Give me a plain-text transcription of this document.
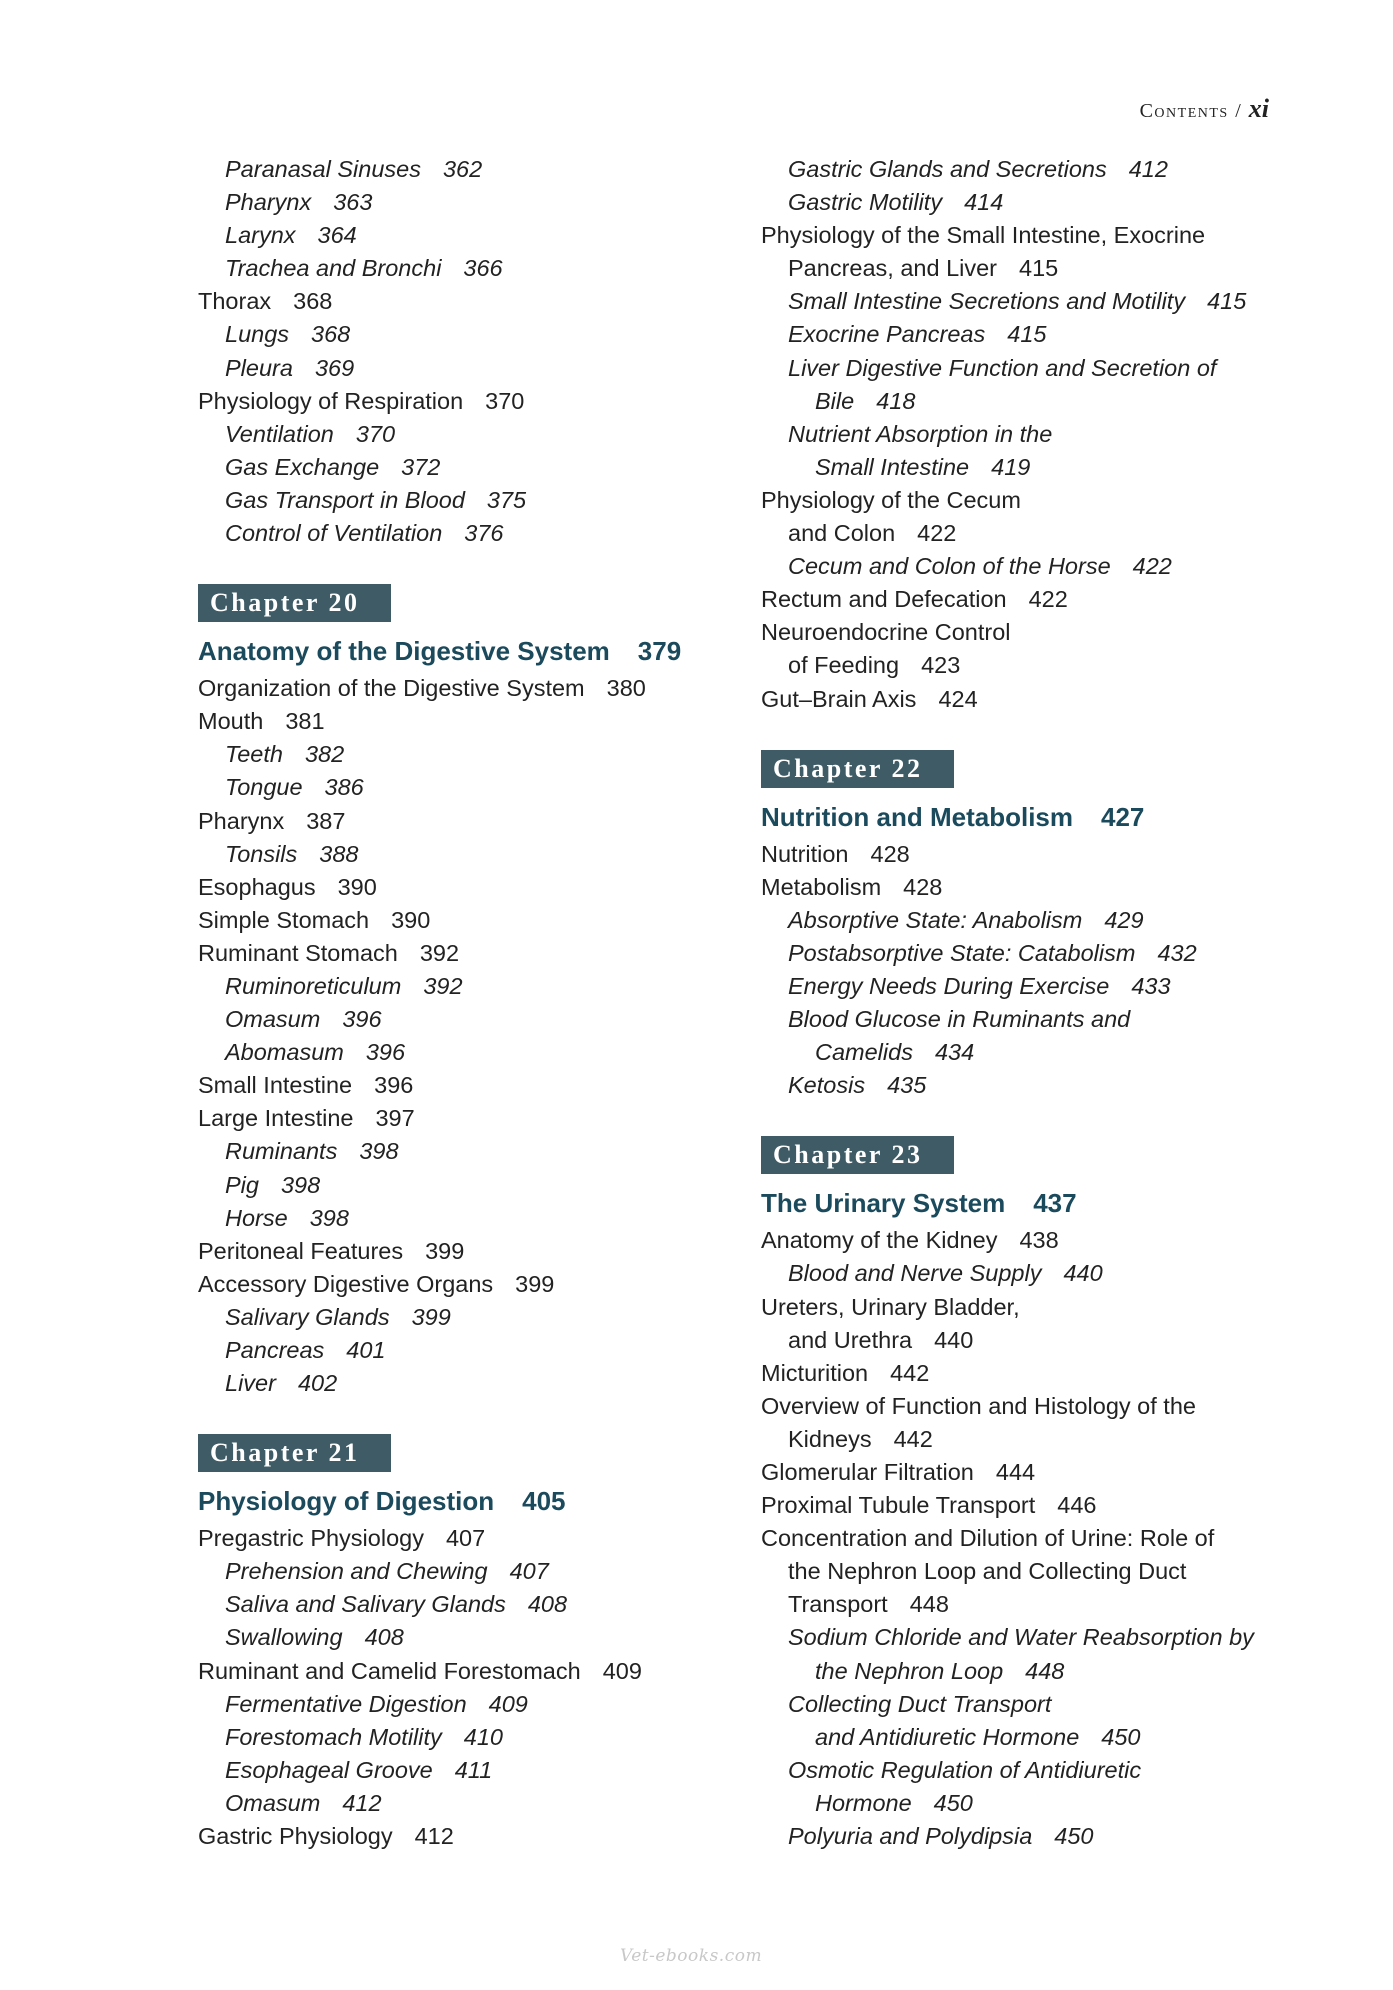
Contents / xi
Paranasal Sinuses 362
Pharynx 363
Larynx 364
Trachea and Bronchi 366
Thorax 368
Lungs 368
Pleura 369
Physiology of Respiration 370
Ventilation 370
Gas Exchange 372
Gas Transport in Blood 375
Control of Ventilation 376
Chapter 20
Anatomy of the Digestive System 379
Organization of the Digestive System 380
Mouth 381
Teeth 382
Tongue 386
Pharynx 387
Tonsils 388
Esophagus 390
Simple Stomach 390
Ruminant Stomach 392
Ruminoreticulum 392
Omasum 396
Abomasum 396
Small Intestine 396
Large Intestine 397
Ruminants 398
Pig 398
Horse 398
Peritoneal Features 399
Accessory Digestive Organs 399
Salivary Glands 399
Pancreas 401
Liver 402
Chapter 21
Physiology of Digestion 405
Pregastric Physiology 407
Prehension and Chewing 407
Saliva and Salivary Glands 408
Swallowing 408
Ruminant and Camelid Forestomach 409
Fermentative Digestion 409
Forestomach Motility 410
Esophageal Groove 411
Omasum 412
Gastric Physiology 412
Gastric Glands and Secretions 412
Gastric Motility 414
Physiology of the Small Intestine, Exocrine
Pancreas, and Liver 415
Small Intestine Secretions and Motility 415
Exocrine Pancreas 415
Liver Digestive Function and Secretion of
Bile 418
Nutrient Absorption in the
Small Intestine 419
Physiology of the Cecum
and Colon 422
Cecum and Colon of the Horse 422
Rectum and Defecation 422
Neuroendocrine Control
of Feeding 423
Gut–Brain Axis 424
Chapter 22
Nutrition and Metabolism 427
Nutrition 428
Metabolism 428
Absorptive State: Anabolism 429
Postabsorptive State: Catabolism 432
Energy Needs During Exercise 433
Blood Glucose in Ruminants and
Camelids 434
Ketosis 435
Chapter 23
The Urinary System 437
Anatomy of the Kidney 438
Blood and Nerve Supply 440
Ureters, Urinary Bladder,
and Urethra 440
Micturition 442
Overview of Function and Histology of the
Kidneys 442
Glomerular Filtration 444
Proximal Tubule Transport 446
Concentration and Dilution of Urine: Role of
the Nephron Loop and Collecting Duct
Transport 448
Sodium Chloride and Water Reabsorption by
the Nephron Loop 448
Collecting Duct Transport
and Antidiuretic Hormone 450
Osmotic Regulation of Antidiuretic
Hormone 450
Polyuria and Polydipsia 450
Vet-ebooks.com
